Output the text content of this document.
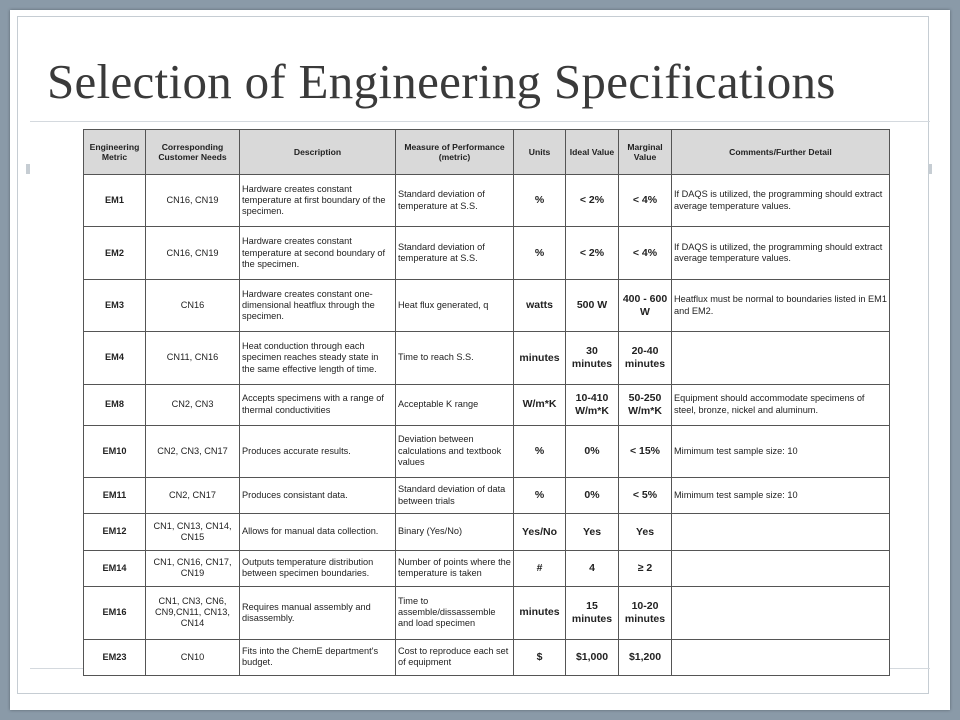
Selection of Engineering Specifications
Engineering Metric	Corresponding Customer Needs	Description	Measure of Performance (metric)	Units	Ideal Value	Marginal Value	Comments/Further Detail
EM1	CN16, CN19	Hardware creates constant temperature at first boundary of the specimen.	Standard deviation of temperature at S.S.	%	< 2%	< 4%	If DAQS is utilized, the programming should extract average temperature values.
EM2	CN16, CN19	Hardware creates constant temperature at second boundary of the specimen.	Standard deviation of temperature at S.S.	%	< 2%	< 4%	If DAQS is utilized, the programming should extract average temperature values.
EM3	CN16	Hardware creates constant one-dimensional heatflux through the specimen.	Heat flux generated, q	watts	500 W	400 - 600 W	Heatflux must be normal to boundaries listed in EM1 and EM2.
EM4	CN11, CN16	Heat conduction through each specimen reaches steady state in the same effective length of time.	Time to reach S.S.	minutes	30 minutes	20-40 minutes	
EM8	CN2, CN3	Accepts specimens with a range of thermal conductivities	Acceptable K range	W/m*K	10-410 W/m*K	50-250 W/m*K	Equipment should accommodate specimens of steel, bronze, nickel and aluminum.
EM10	CN2, CN3, CN17	Produces accurate results.	Deviation between calculations and textbook values	%	0%	< 15%	Mimimum test sample size: 10
EM11	CN2, CN17	Produces consistant data.	Standard deviation of data between trials	%	0%	< 5%	Mimimum test sample size: 10
EM12	CN1, CN13, CN14, CN15	Allows for manual data collection.	Binary (Yes/No)	Yes/No	Yes	Yes	
EM14	CN1, CN16, CN17, CN19	Outputs temperature distribution between specimen boundaries.	Number of points where the temperature is taken	#	4	≥ 2	
EM16	CN1, CN3, CN6, CN9,CN11, CN13, CN14	Requires manual assembly and disassembly.	Time to assemble/dissassemble and load specimen	minutes	15 minutes	10-20 minutes	
EM23	CN10	Fits into the ChemE department's budget.	Cost to reproduce each set of equipment	$	$1,000	$1,200	
